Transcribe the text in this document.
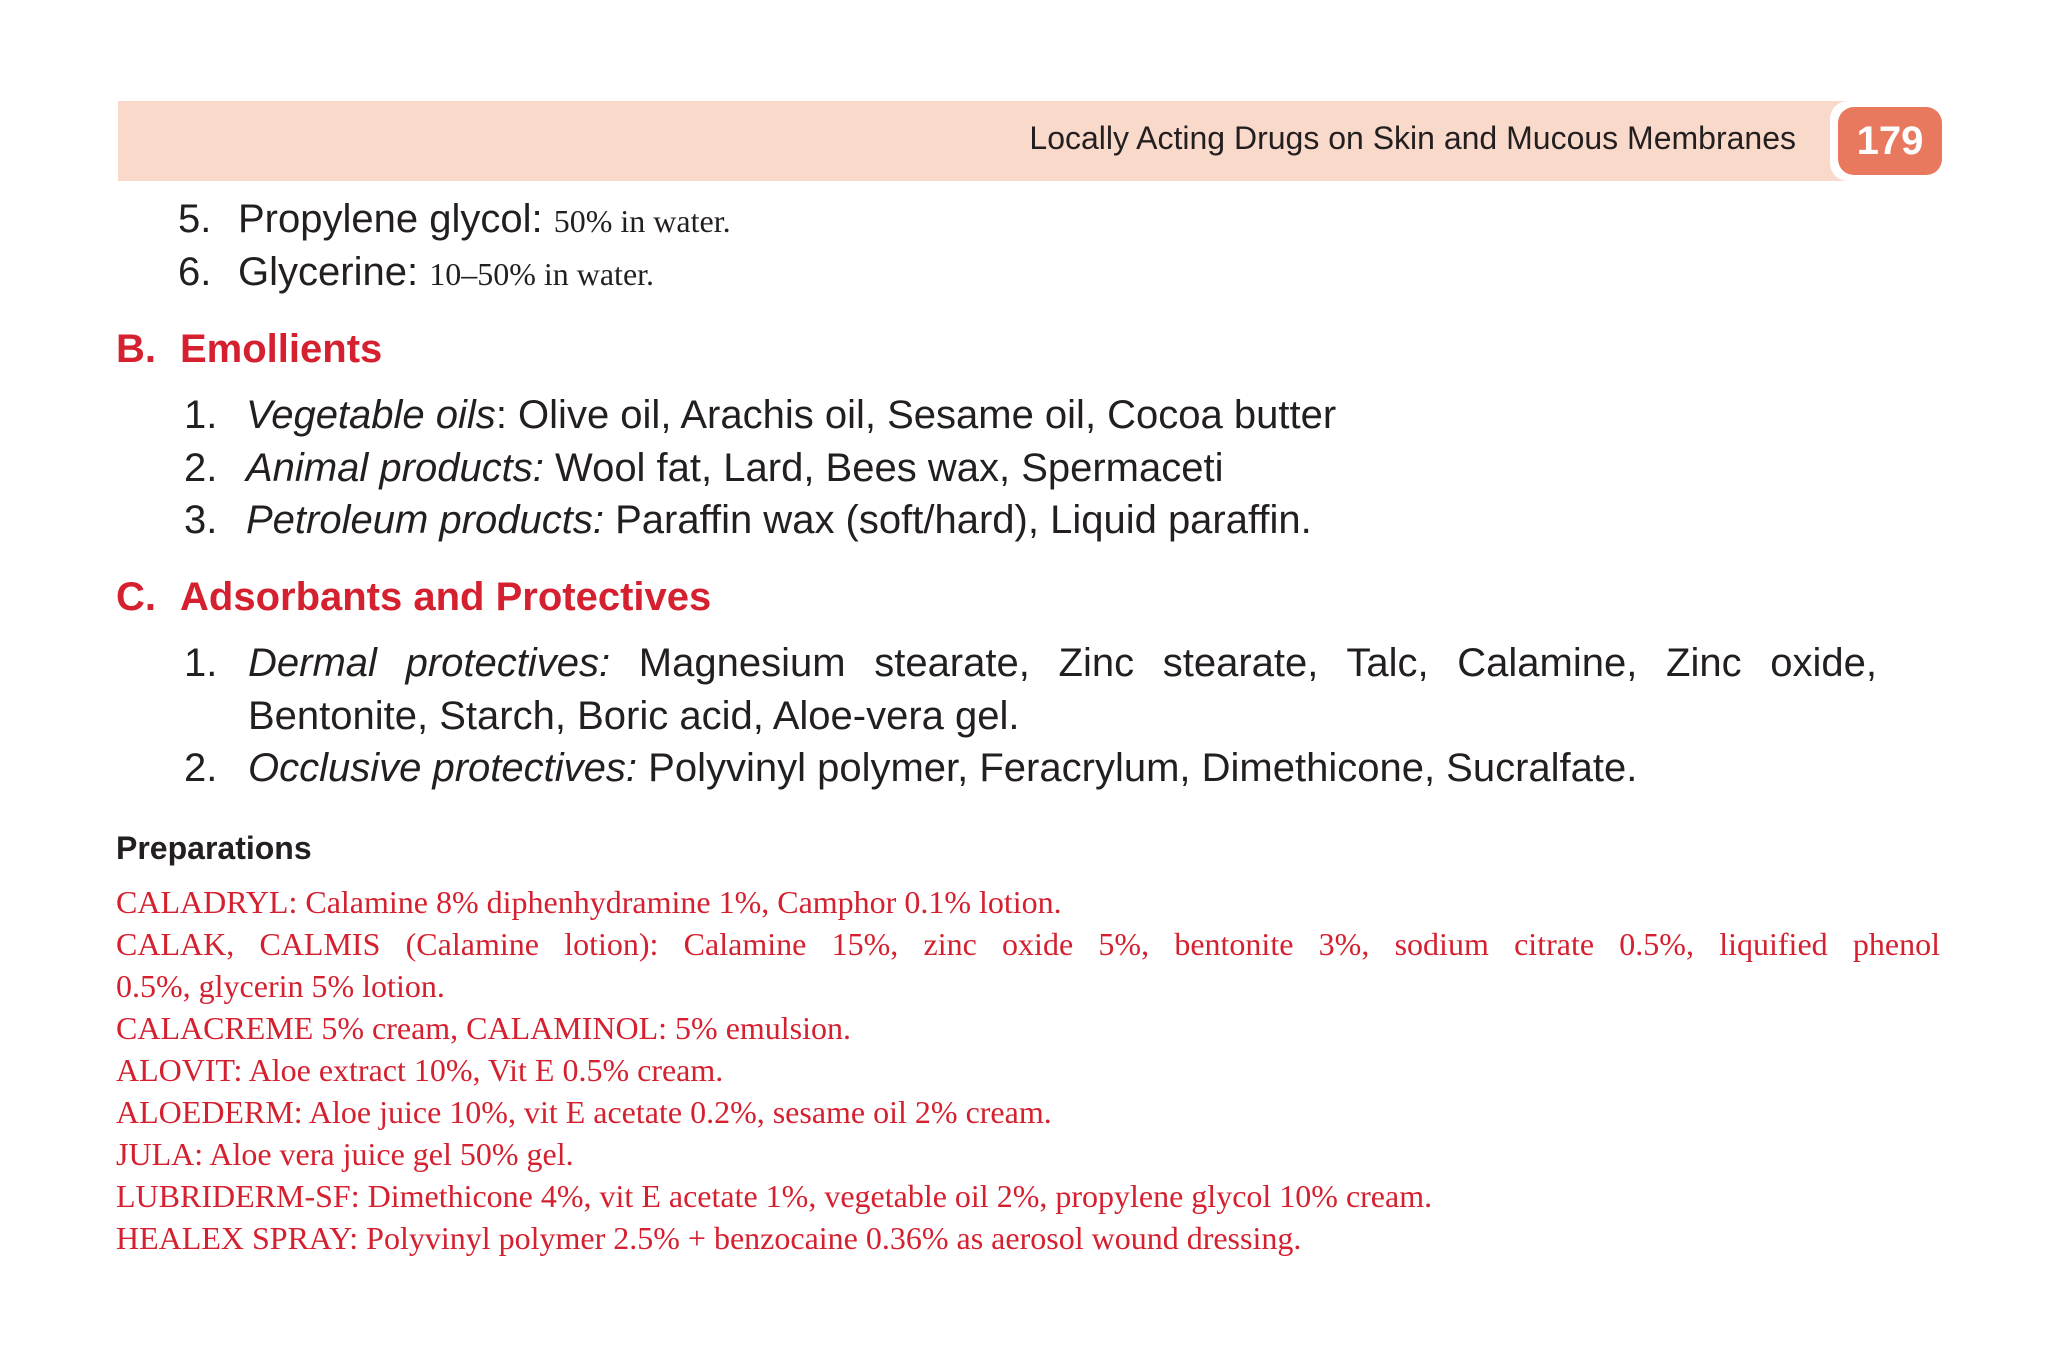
Locally Acting Drugs on Skin and Mucous Membranes	179
5. Propylene glycol: 50% in water.
6. Glycerine: 10–50% in water.
B. Emollients
1. Vegetable oils: Olive oil, Arachis oil, Sesame oil, Cocoa butter
2. Animal products: Wool fat, Lard, Bees wax, Spermaceti
3. Petroleum products: Paraffin wax (soft/hard), Liquid paraffin.
C. Adsorbants and Protectives
1. Dermal protectives: Magnesium stearate, Zinc stearate, Talc, Calamine, Zinc oxide,
Bentonite, Starch, Boric acid, Aloe-vera gel.
2. Occlusive protectives: Polyvinyl polymer, Feracrylum, Dimethicone, Sucralfate.
Preparations
CALADRYL: Calamine 8% diphenhydramine 1%, Camphor 0.1% lotion.
CALAK, CALMIS (Calamine lotion): Calamine 15%, zinc oxide 5%, bentonite 3%, sodium citrate 0.5%, liquified phenol
0.5%, glycerin 5% lotion.
CALACREME 5% cream, CALAMINOL: 5% emulsion.
ALOVIT: Aloe extract 10%, Vit E 0.5% cream.
ALOEDERM: Aloe juice 10%, vit E acetate 0.2%, sesame oil 2% cream.
JULA: Aloe vera juice gel 50% gel.
LUBRIDERM-SF: Dimethicone 4%, vit E acetate 1%, vegetable oil 2%, propylene glycol 10% cream.
HEALEX SPRAY: Polyvinyl polymer 2.5% + benzocaine 0.36% as aerosol wound dressing.
